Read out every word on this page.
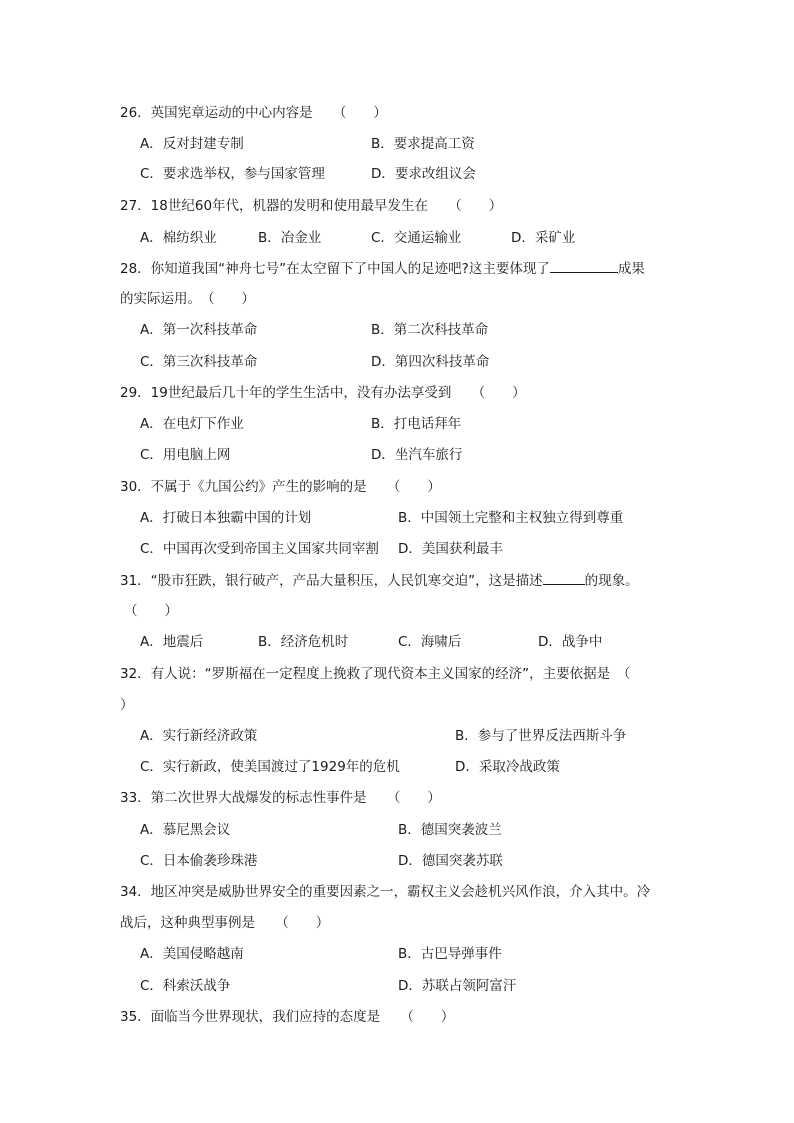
26．英国宪章运动的中心内容是　　（　　）
A．反对封建专制	B．要求提高工资
C．要求选举权，参与国家管理	D．要求改组议会
27．18世纪60年代，机器的发明和使用最早发生在　　（　　）
A．棉纺织业	B．冶金业	C．交通运输业	D．采矿业
28．你知道我国“神舟七号”在太空留下了中国人的足迹吧?这主要体现了	成果
的实际运用。　（　　）
A．第一次科技革命	B．第二次科技革命
C．第三次科技革命	D．第四次科技革命
29．19世纪最后几十年的学生生活中，没有办法享受到　　（　　）
A．在电灯下作业	B．打电话拜年
C．用电脑上网	D．坐汽车旅行
30．不属于《九国公约》产生的影响的是　　（　　）
A．打破日本独霸中国的计划	B．中国领土完整和主权独立得到尊重
C．中国再次受到帝国主义国家共同宰割 D．美国获利最丰
31．“股市狂跌，银行破产，产品大量积压，人民饥寒交迫”，这是描述	的现象。
（　　）
A．地震后	B．经济危机时	C．海啸后	D．战争中
32．有人说：“罗斯福在一定程度上挽救了现代资本主义国家的经济”，主要依据是　（
）
A．实行新经济政策	B．参与了世界反法西斯斗争
C．实行新政，使美国渡过了1929年的危机	D．采取冷战政策
33．第二次世界大战爆发的标志性事件是　　（　　）
A．慕尼黑会议	B．德国突袭波兰
C．日本偷袭珍珠港	D．德国突袭苏联
34．地区冲突是威胁世界安全的重要因素之一，霸权主义会趁机兴风作浪，介入其中。冷
战后，这种典型事例是　　（　　）
A．美国侵略越南	B．古巴导弹事件
C．科索沃战争	D．苏联占领阿富汗
35．面临当今世界现状，我们应持的态度是　　（　　）
